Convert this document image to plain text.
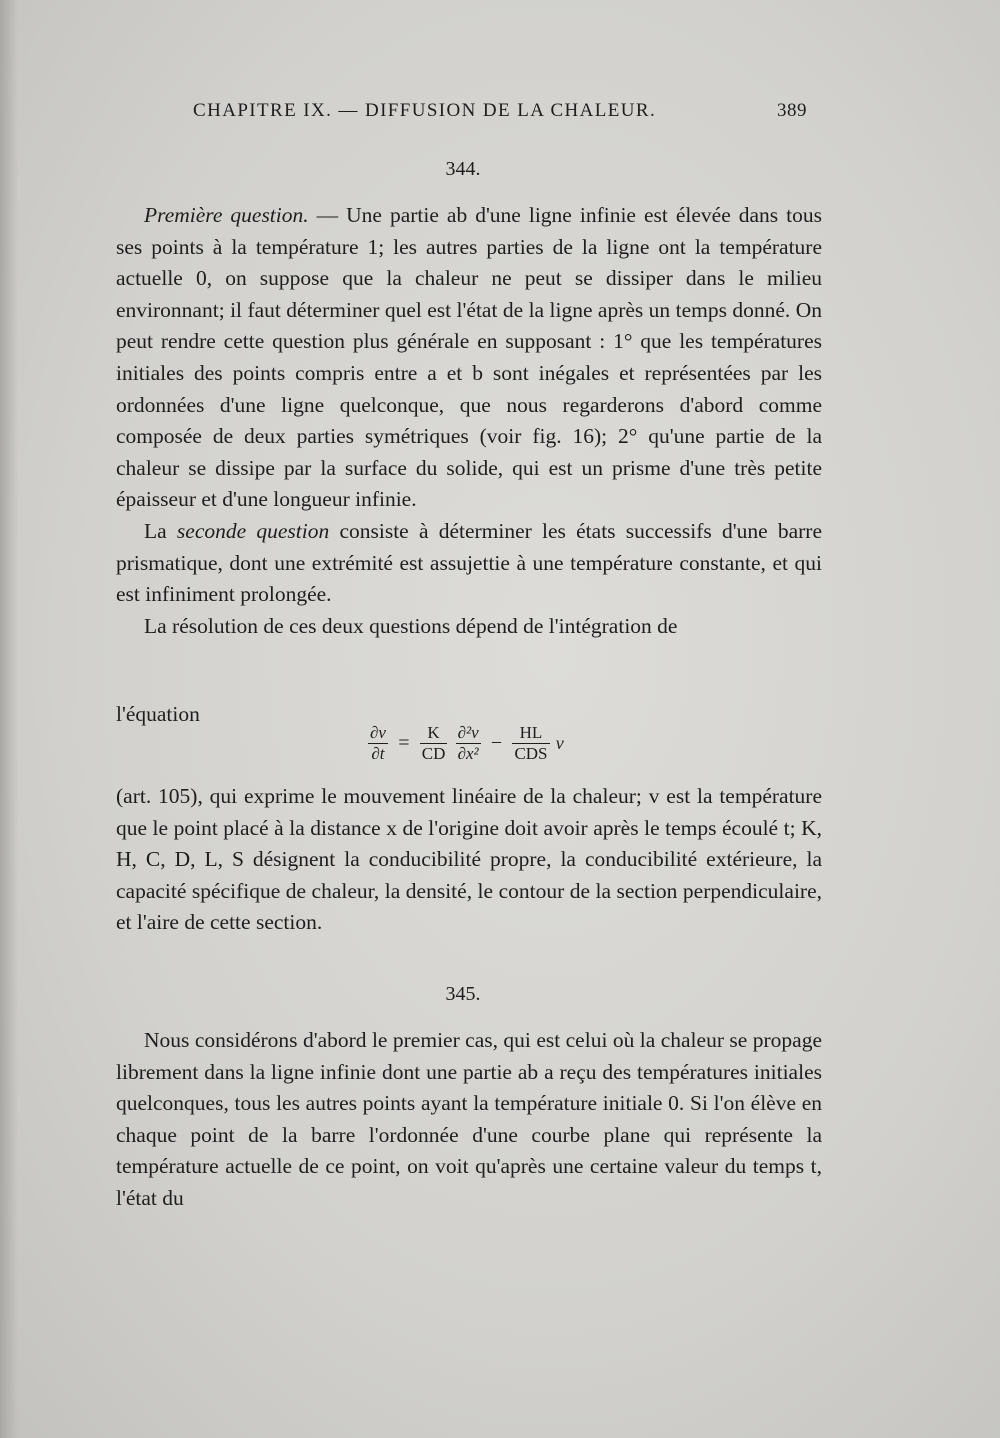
CHAPITRE IX. — DIFFUSION DE LA CHALEUR.	389
344.

Première question. — Une partie ab d'une ligne infinie est élevée dans tous ses points à la température 1; les autres parties de la ligne ont la température actuelle 0, on suppose que la chaleur ne peut se dissiper dans le milieu environnant; il faut déterminer quel est l'état de la ligne après un temps donné. On peut rendre cette question plus générale en supposant : 1° que les températures initiales des points compris entre a et b sont inégales et représentées par les ordonnées d'une ligne quelconque, que nous regarderons d'abord comme composée de deux parties symétriques (voir fig. 16); 2° qu'une partie de la chaleur se dissipe par la surface du solide, qui est un prisme d'une très petite épaisseur et d'une longueur infinie.

La seconde question consiste à déterminer les états successifs d'une barre prismatique, dont une extrémité est assujettie à une température constante, et qui est infiniment prolongée.

La résolution de ces deux questions dépend de l'intégration de

l'équation
$\frac{\partial v}{\partial t} = \frac{K}{CD}$
$\frac{\text{∂²v}}{\text{∂x²}} - \frac{HL}{\text{CDS}}$ v

(art. 105), qui exprime le mouvement linéaire de la chaleur; v est la température que le point placé à la distance x de l'origine doit avoir après le temps écoulé t; K, H, C, D, L, S désignent la conducibilité propre, la conducibilité extérieure, la capacité spécifique de chaleur, la densité, le contour de la section perpendiculaire, et l'aire de cette section.

345.

Nous considérons d'abord le premier cas, qui est celui où la chaleur se propage librement dans la ligne infinie dont une partie ab a reçu des températures initiales quelconques, tous les autres points ayant la température initiale 0. Si l'on élève en chaque point de la barre l'ordonnée d'une courbe plane qui représente la température actuelle de ce point, on voit qu'après une certaine valeur du temps t, l'état du
